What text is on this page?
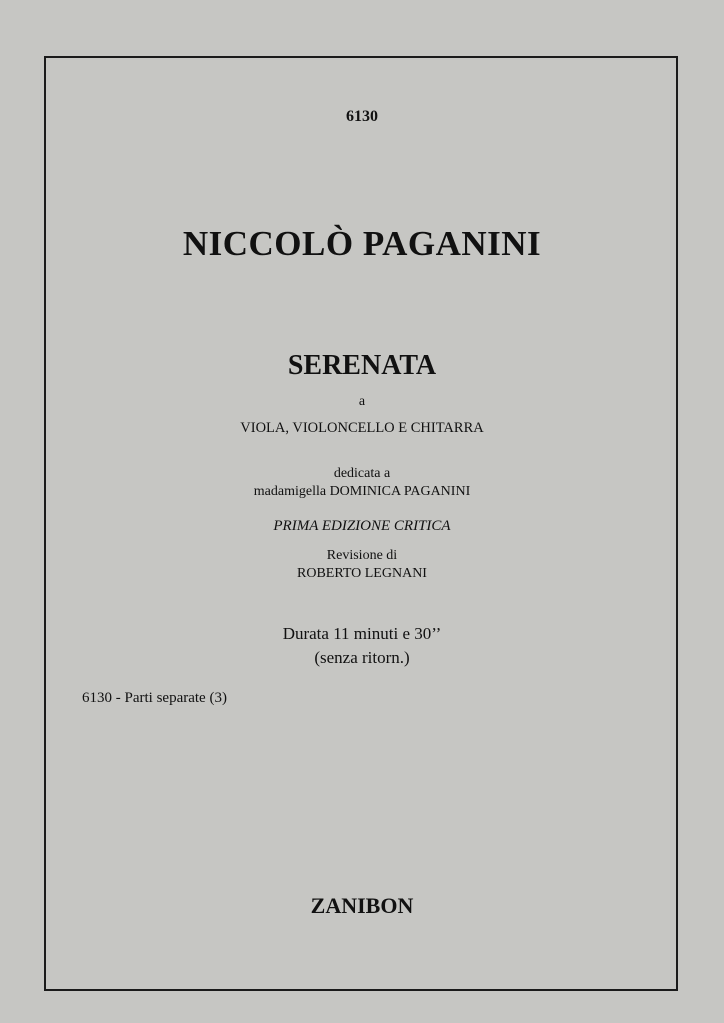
6130
NICCOLÒ PAGANINI
SERENATA
a
VIOLA, VIOLONCELLO E CHITARRA
dedicata a
madamigella DOMINICA PAGANINI
PRIMA EDIZIONE CRITICA
Revisione di
ROBERTO LEGNANI
Durata 11 minuti e 30’’
(senza ritorn.)
6130 - Parti separate (3)
ZANIBON
